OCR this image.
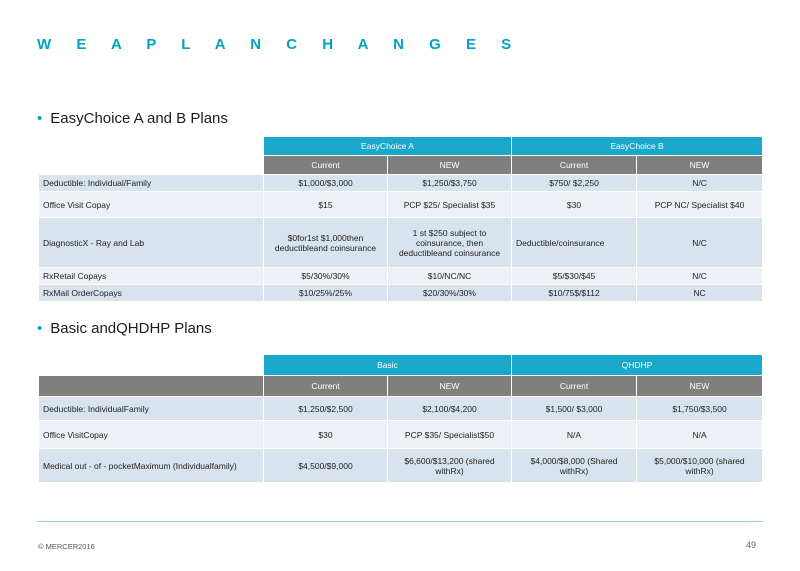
W E A P L A N C H A N G E S
• EasyChoice A and B Plans
	EasyChoice A		EasyChoice B	
	Current	NEW	Current	NEW
Deductible: Individual/Family	$1,000/$3,000	$1,250/$3,750	$750/ $2,250	N/C
Office Visit Copay	$15	PCP $25/ Specialist $35	$30	PCP NC/ Specialist $40
DiagnosticX - Ray and Lab	$0for1st $1,000then deductibleand coinsurance	1 st $250 subject to coinsurance, then deductibleand coinsurance	Deductible/coinsurance	N/C
RxRetail Copays	$5/30%/30%	$10/NC/NC	$5/$30/$45	N/C
RxMail OrderCopays	$10/25%/25%	$20/30%/30%	$10/75$/$112	NC
• Basic andQHDHP Plans
	Basic		QHDHP	
	Current	NEW	Current	NEW
Deductible: IndividualFamily	$1,250/$2,500	$2,100/$4,200	$1,500/ $3,000	$1,750/$3,500
Office VisitCopay	$30	PCP $35/ Specialist$50	N/A	N/A
Medical out - of - pocketMaximum (Individualfamily)	$4,500/$9,000	$6,600/$13,200 (shared withRx)	$4,000/$8,000 (Shared withRx)	$5,000/$10,000 (shared withRx)
© MERCER2016	49
